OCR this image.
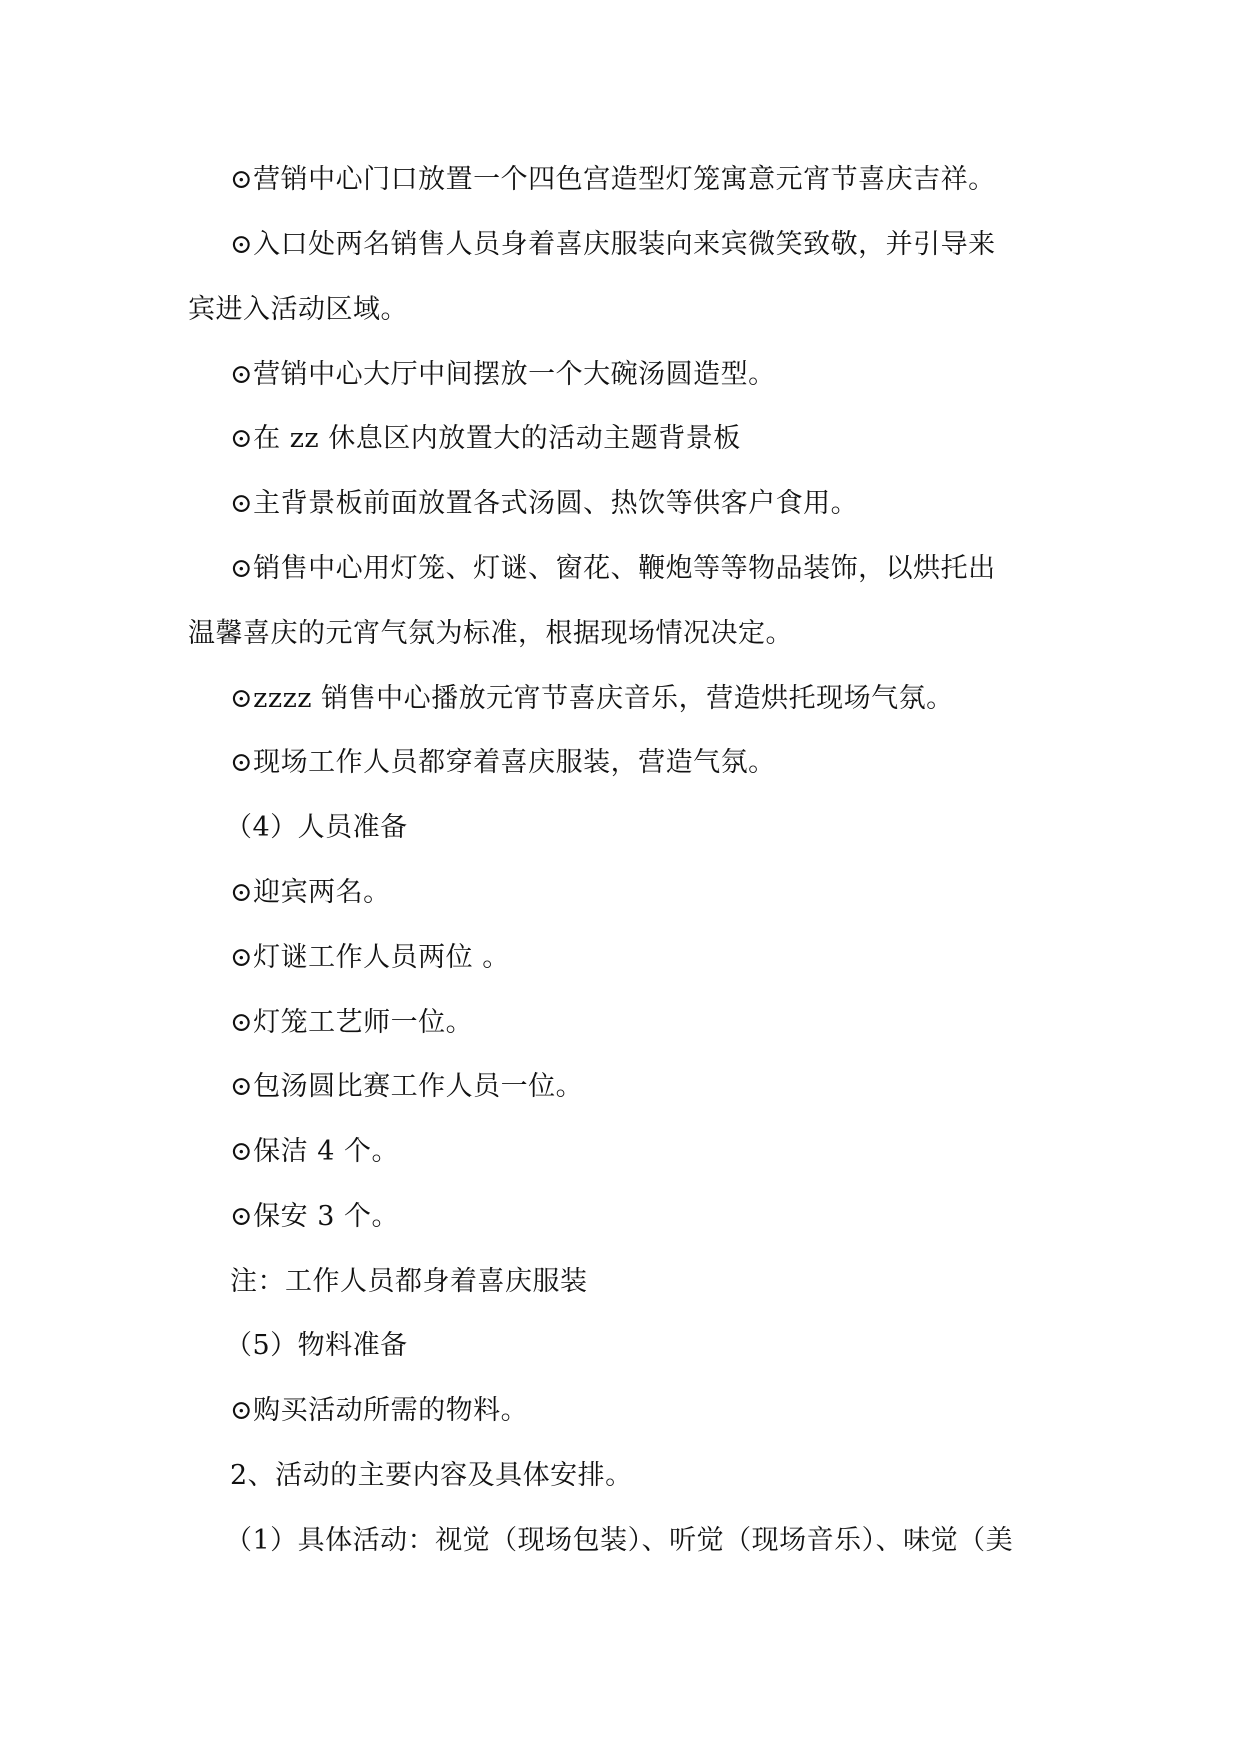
⊙营销中心门口放置一个四色宫造型灯笼寓意元宵节喜庆吉祥。
⊙入口处两名销售人员身着喜庆服装向来宾微笑致敬，并引导来
宾进入活动区域。
⊙营销中心大厅中间摆放一个大碗汤圆造型。
⊙在 zz 休息区内放置大的活动主题背景板
⊙主背景板前面放置各式汤圆、热饮等供客户食用。
⊙销售中心用灯笼、灯谜、窗花、鞭炮等等物品装饰，以烘托出
温馨喜庆的元宵气氛为标准，根据现场情况决定。
⊙zzzz 销售中心播放元宵节喜庆音乐，营造烘托现场气氛。
⊙现场工作人员都穿着喜庆服装，营造气氛。
（4）人员准备
⊙迎宾两名。
⊙灯谜工作人员两位 。
⊙灯笼工艺师一位。
⊙包汤圆比赛工作人员一位。
⊙保洁 4 个。
⊙保安 3 个。
注：工作人员都身着喜庆服装
（5）物料准备
⊙购买活动所需的物料。
2、活动的主要内容及具体安排。
（1）具体活动：视觉（现场包装）、听觉（现场音乐）、味觉（美
